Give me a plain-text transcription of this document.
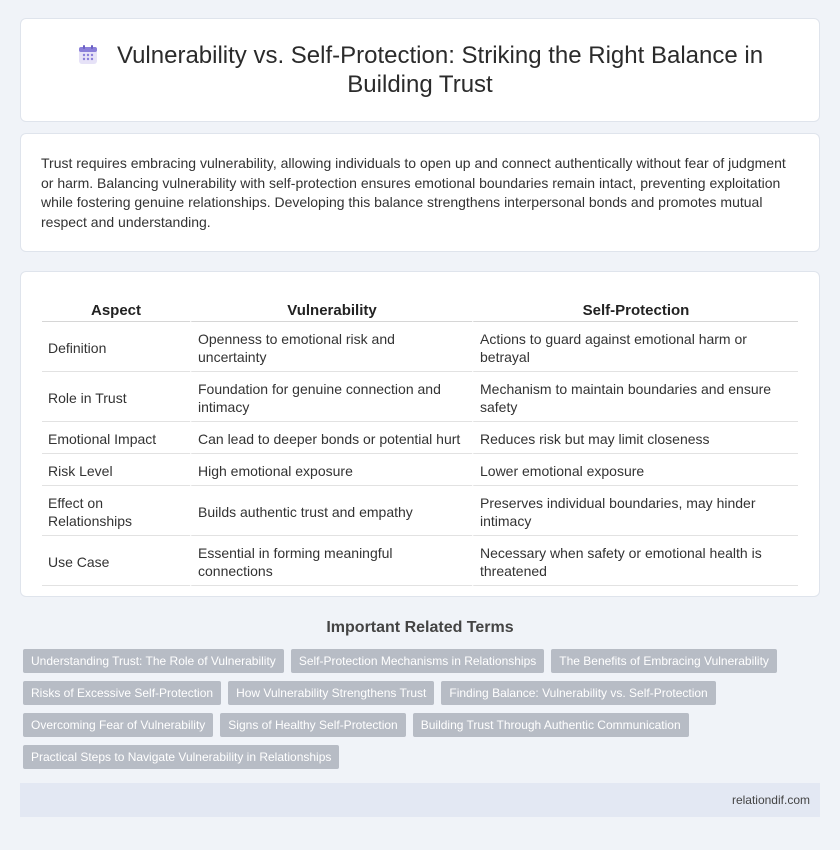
Vulnerability vs. Self-Protection: Striking the Right Balance in Building Trust

Trust requires embracing vulnerability, allowing individuals to open up and connect authentically without fear of judgment or harm. Balancing vulnerability with self-protection ensures emotional boundaries remain intact, preventing exploitation while fostering genuine relationships. Developing this balance strengthens interpersonal bonds and promotes mutual respect and understanding.

Aspect	Vulnerability	Self-Protection
Definition	Openness to emotional risk and uncertainty	Actions to guard against emotional harm or betrayal
Role in Trust	Foundation for genuine connection and intimacy	Mechanism to maintain boundaries and ensure safety
Emotional Impact	Can lead to deeper bonds or potential hurt	Reduces risk but may limit closeness
Risk Level	High emotional exposure	Lower emotional exposure
Effect on Relationships	Builds authentic trust and empathy	Preserves individual boundaries, may hinder intimacy
Use Case	Essential in forming meaningful connections	Necessary when safety or emotional health is threatened
Important Related Terms
Understanding Trust: The Role of Vulnerability	Self-Protection Mechanisms in Relationships	The Benefits of Embracing Vulnerability
Risks of Excessive Self-Protection	How Vulnerability Strengthens Trust	Finding Balance: Vulnerability vs. Self-Protection
Overcoming Fear of Vulnerability	Signs of Healthy Self-Protection	Building Trust Through Authentic Communication
Practical Steps to Navigate Vulnerability in Relationships
relationdif.com
